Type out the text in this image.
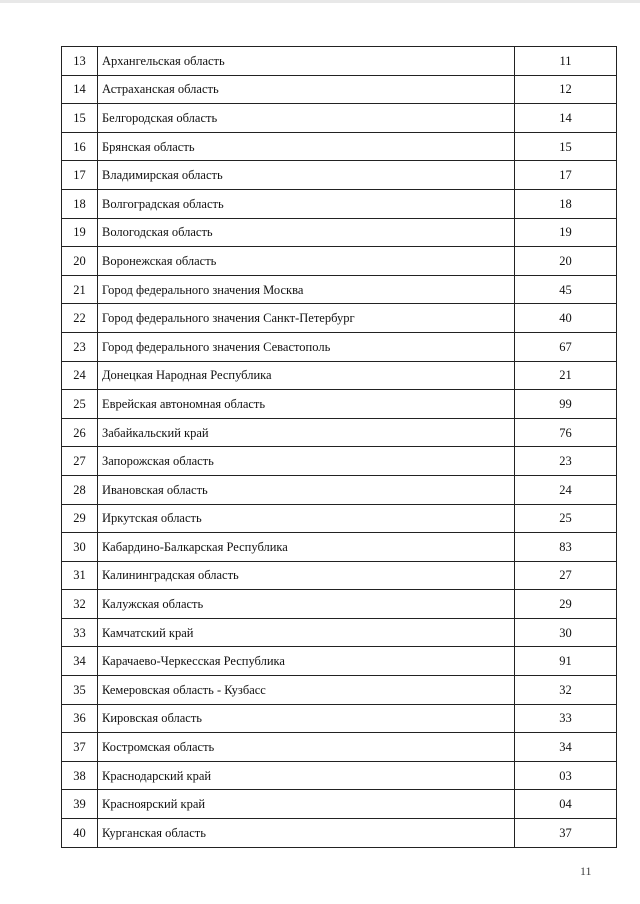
13	Архангельская область	11
14	Астраханская область	12
15	Белгородская область	14
16	Брянская область	15
17	Владимирская область	17
18	Волгоградская область	18
19	Вологодская область	19
20	Воронежская область	20
21	Город федерального значения Москва	45
22	Город федерального значения Санкт-Петербург	40
23	Город федерального значения Севастополь	67
24	Донецкая Народная Республика	21
25	Еврейская автономная область	99
26	Забайкальский край	76
27	Запорожская область	23
28	Ивановская область	24
29	Иркутская область	25
30	Кабардино-Балкарская Республика	83
31	Калининградская область	27
32	Калужская область	29
33	Камчатский край	30
34	Карачаево-Черкесская Республика	91
35	Кемеровская область - Кузбасс	32
36	Кировская область	33
37	Костромская область	34
38	Краснодарский край	03
39	Красноярский край	04
40	Курганская область	37
11
